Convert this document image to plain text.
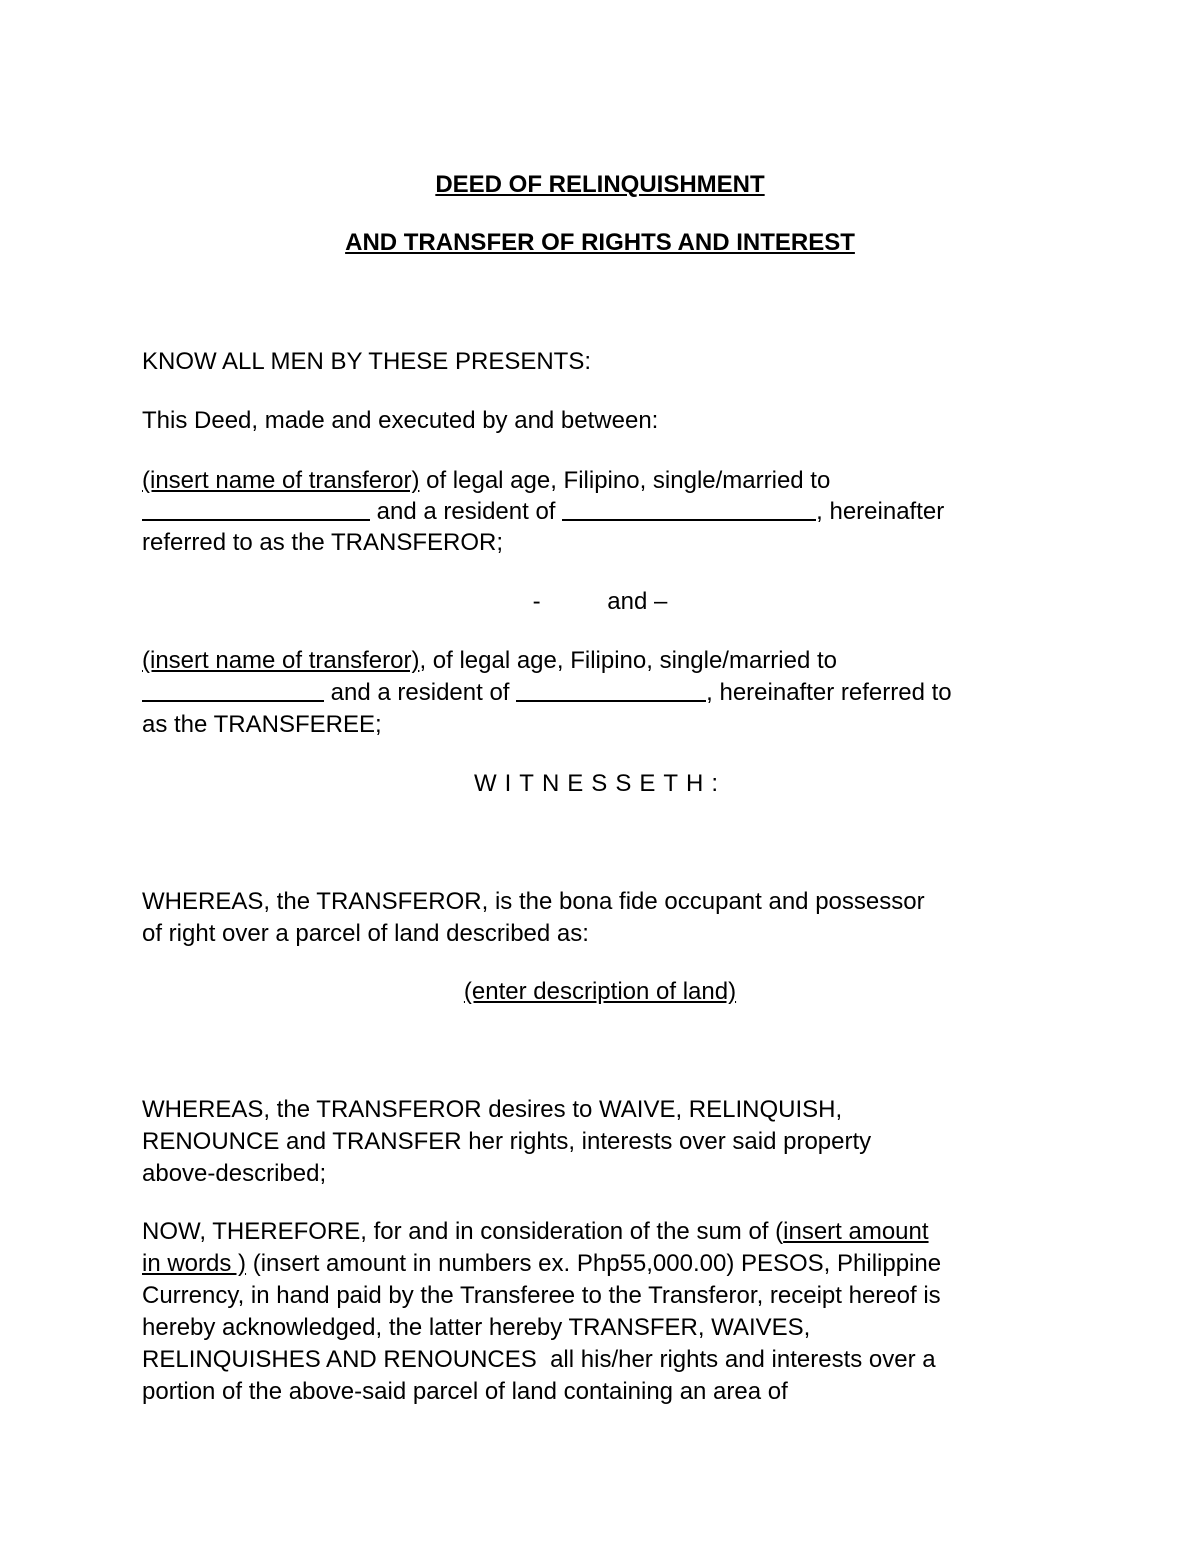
DEED OF RELINQUISHMENT
AND TRANSFER OF RIGHTS AND INTEREST
KNOW ALL MEN BY THESE PRESENTS:
This Deed, made and executed by and between:
(insert name of transferor) of legal age, Filipino, single/married to
and a resident of	, hereinafter
referred to as the TRANSFEROR;
-          and –
(insert name of transferor), of legal age, Filipino, single/married to
and a resident of	, hereinafter referred to
as the TRANSFEREE;
WITNESSETH:
WHEREAS, the TRANSFEROR, is the bona fide occupant and possessor
of right over a parcel of land described as:
(enter description of land)
WHEREAS, the TRANSFEROR desires to WAIVE, RELINQUISH,
RENOUNCE and TRANSFER her rights, interests over said property
above-described;
NOW, THEREFORE, for and in consideration of the sum of (insert amount
in words ) (insert amount in numbers ex. Php55,000.00) PESOS, Philippine
Currency, in hand paid by the Transferee to the Transferor, receipt hereof is
hereby acknowledged, the latter hereby TRANSFER, WAIVES,
RELINQUISHES AND RENOUNCES  all his/her rights and interests over a
portion of the above-said parcel of land containing an area of
